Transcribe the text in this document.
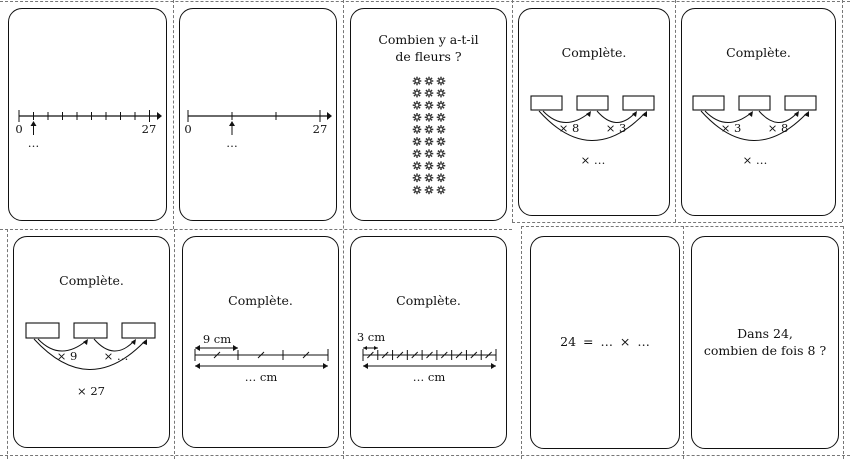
0	27
…
0	27
…
Combien y a-t-il de fleurs ?	Complète.
× 8 × 3
× …
Complète.
× 3 × 8
× …
Complète.
× 9 × …
× 27
Complète.
9 cm
… cm
Complète.
3 cm
… cm
24 = … × …
Dans 24,
combien de fois 8 ?
